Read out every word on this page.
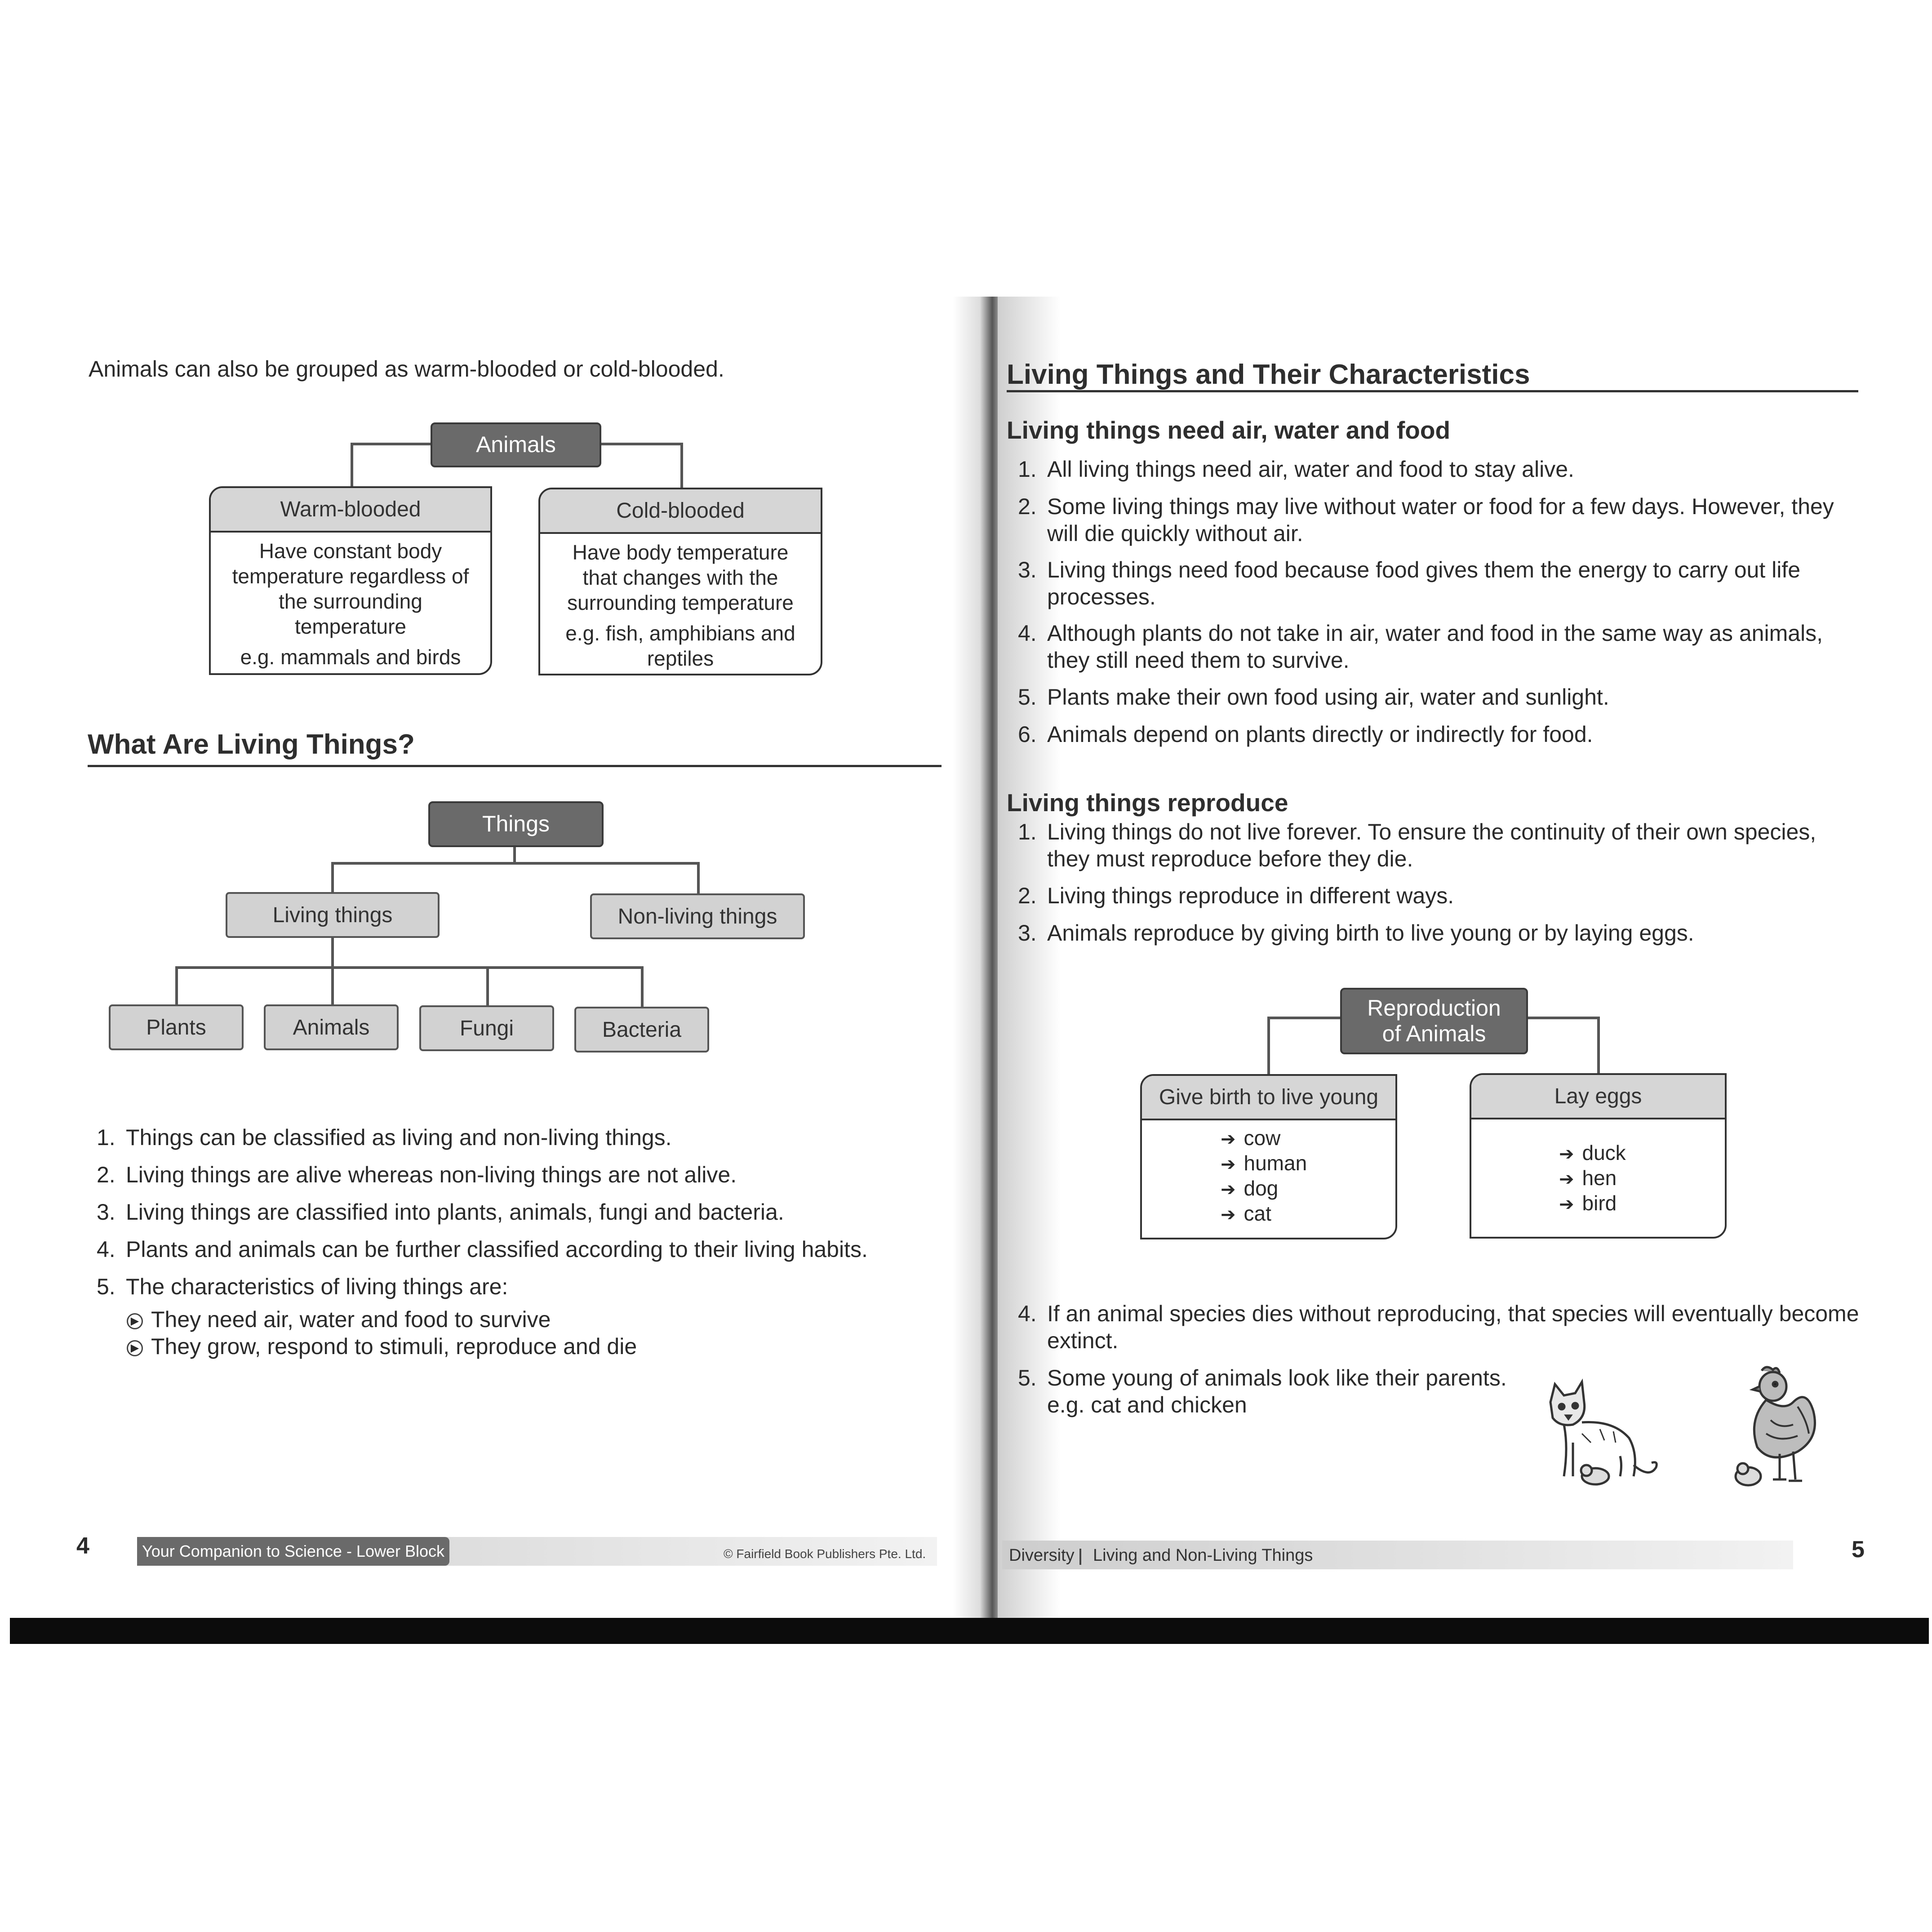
Animals can also be grouped as warm-blooded or cold-blooded.
Animals
Warm-blooded
Have constant body
temperature regardless of
the surrounding
temperature
e.g. mammals and birds
Cold-blooded
Have body temperature
that changes with the
surrounding temperature
e.g. fish, amphibians and
reptiles
What Are Living Things?
Things
Living things	Non-living things
Plants	Animals	Fungi	Bacteria
1. Things can be classified as living and non-living things.
2. Living things are alive whereas non-living things are not alive.
3. Living things are classified into plants, animals, fungi and bacteria.
4. Plants and animals can be further classified according to their living habits.
5. The characteristics of living things are:
▶ They need air, water and food to survive
▶ They grow, respond to stimuli, reproduce and die
4	Your Companion to Science - Lower Block	© Fairfield Book Publishers Pte. Ltd.
Living Things and Their Characteristics
Living things need air, water and food
1. All living things need air, water and food to stay alive.
2. Some living things may live without water or food for a few days. However, they
will die quickly without air.
3. Living things need food because food gives them the energy to carry out life
processes.
4. Although plants do not take in air, water and food in the same way as animals,
they still need them to survive.
5. Plants make their own food using air, water and sunlight.
6. Animals depend on plants directly or indirectly for food.
Living things reproduce
1. Living things do not live forever. To ensure the continuity of their own species,
they must reproduce before they die.
2. Living things reproduce in different ways.
3. Animals reproduce by giving birth to live young or by laying eggs.
Reproduction
of Animals
Give birth to live young
➔ cow
➔ human
➔ dog
➔ cat
Lay eggs
➔ duck
➔ hen
➔ bird
4. If an animal species dies without reproducing, that species will eventually become
extinct.
5. Some young of animals look like their parents.
e.g. cat and chicken
Diversity Living and Non-Living Things	5
